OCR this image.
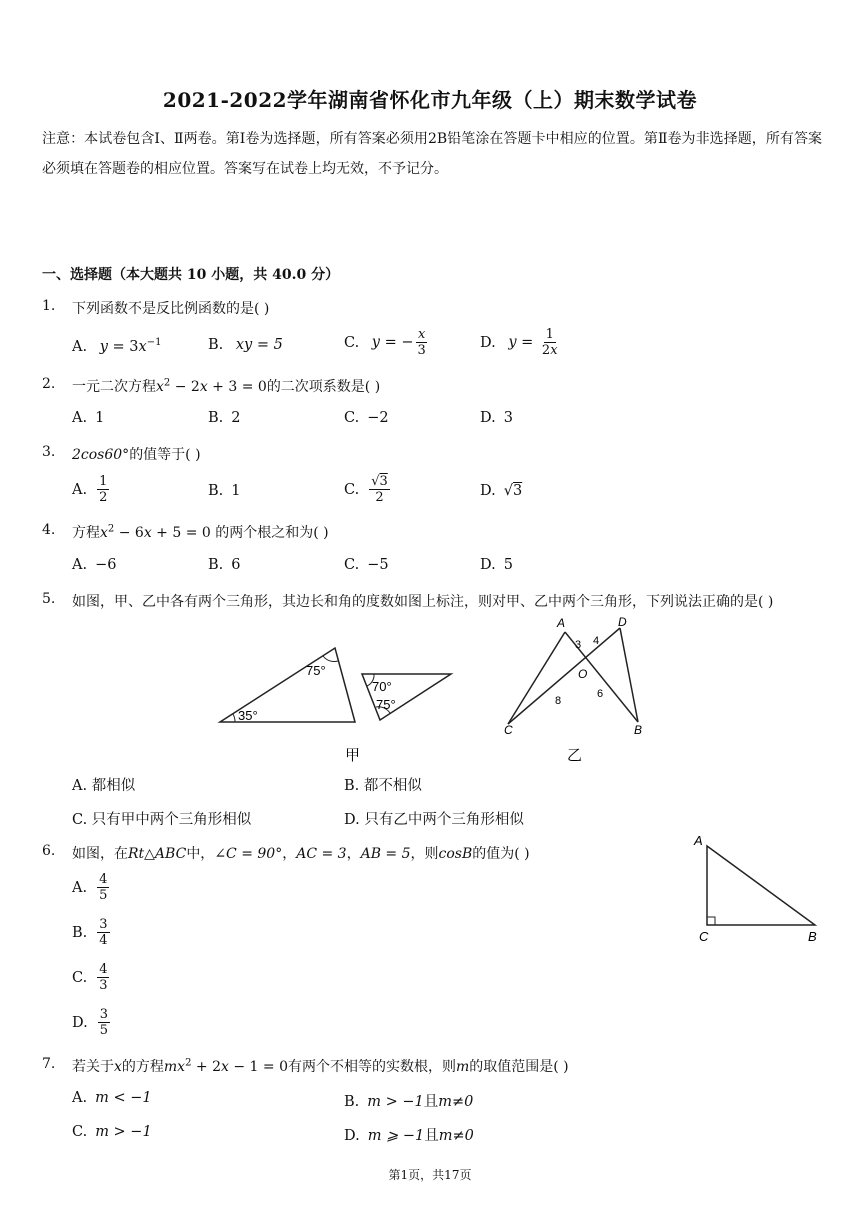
2021-2022学年湖南省怀化市九年级（上）期末数学试卷
注意：本试卷包含Ⅰ、Ⅱ两卷。第Ⅰ卷为选择题，所有答案必须用2B铅笔涂在答题卡中相应的位置。第Ⅱ卷为非选择题，所有答案必须填在答题卷的相应位置。答案写在试卷上均无效，不予记分。
一、选择题（本大题共 10 小题，共 40.0 分）
1. 下列函数不是反比例函数的是( )
A. $y = 3x^{-1}$	B. xy = 5	C. y = − $\frac{x}{3}$	D. $y = \frac{1}{2x}$
2. 一元二次方程$x^2 - 2x + 3 = 0$的二次项系数是( )
A. 1	B. 2	C. −2	D. 3
3. 2cos60°的值等于( )
A. $\frac{1}{2}$	B. 1	C. $\frac{√3}{2}$	D. √3
4. 方程$x^2 - 6x + 5 = 0$ 的两个根之和为( )
A. −6	B. 6	C. −5	D. 5
5. 如图，甲、乙中各有两个三角形，其边长和角的度数如图上标注，则对甲、乙中两个三角形，下列说法正确的是( )
75°
35°
70°
75°
甲
A	D
O
C	B
3 4
8
6
乙
A. 都相似	B. 都不相似
C. 只有甲中两个三角形相似	D. 只有乙中两个三角形相似
6. 如图，在Rt△ABC中，∠C = 90°，AC = 3，AB = 5，则cosB的值为( )
A
C	B
A. $\frac{4}{5}$
B. $\frac{3}{4}$
C. $\frac{4}{3}$
D. $\frac{3}{5}$
7. 若关于x的方程$mx^2 + 2x - 1 = 0$有两个不相等的实数根，则m的取值范围是( )
A. m < −1	B. m > −1且m≠0
C. m > −1	D. m ⩾ −1且m≠0
第1页，共17页
